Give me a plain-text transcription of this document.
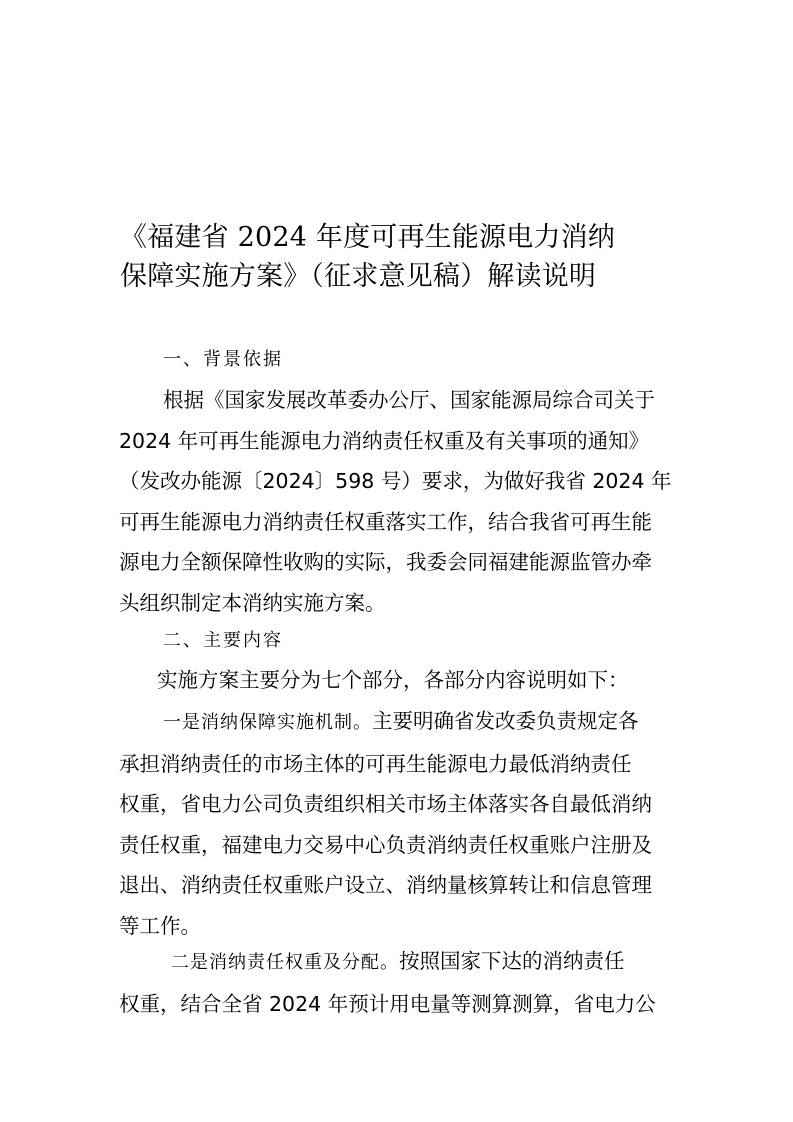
《福建省 2024 年度可再生能源电力消纳
保障实施方案》（征求意见稿）解读说明
一、背景依据
根据《国家发展改革委办公厅、国家能源局综合司关于
2024 年可再生能源电力消纳责任权重及有关事项的通知》
（发改办能源〔2024〕598 号）要求，为做好我省 2024 年
可再生能源电力消纳责任权重落实工作，结合我省可再生能
源电力全额保障性收购的实际，我委会同福建能源监管办牵
头组织制定本消纳实施方案。
二、主要内容
实施方案主要分为七个部分，各部分内容说明如下：
一是消纳保障实施机制。主要明确省发改委负责规定各
承担消纳责任的市场主体的可再生能源电力最低消纳责任
权重，省电力公司负责组织相关市场主体落实各自最低消纳
责任权重，福建电力交易中心负责消纳责任权重账户注册及
退出、消纳责任权重账户设立、消纳量核算转让和信息管理
等工作。
二是消纳责任权重及分配。按照国家下达的消纳责任
权重，结合全省 2024 年预计用电量等测算测算，省电力公
